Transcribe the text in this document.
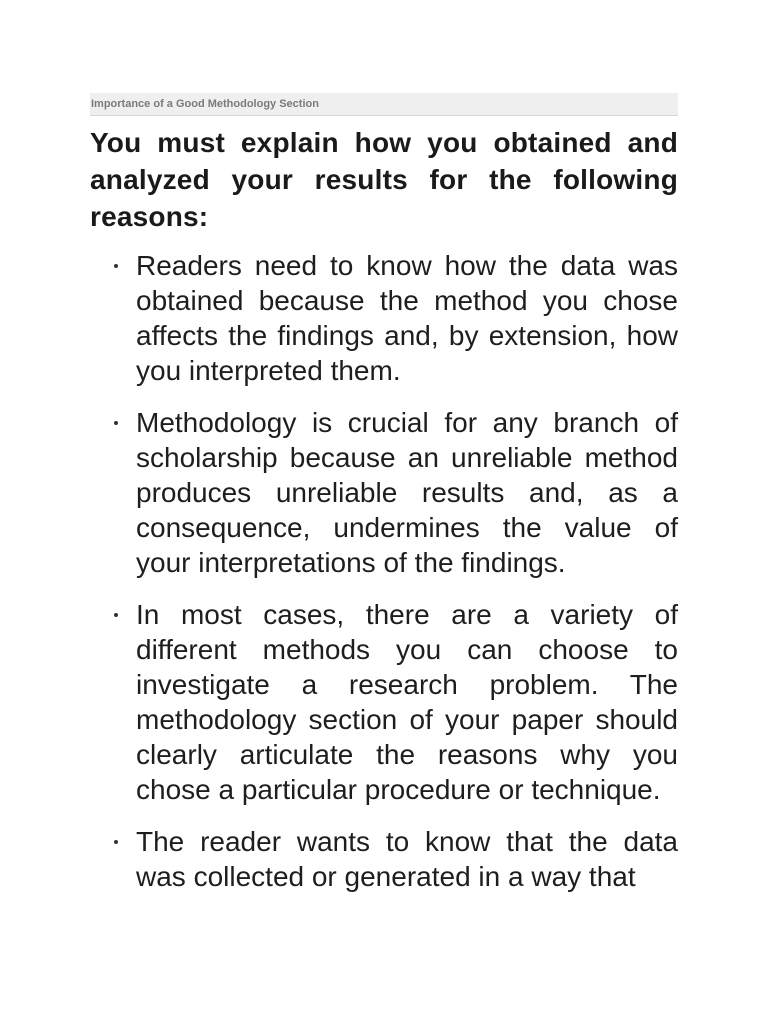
Importance of a Good Methodology Section
You must explain how you obtained and analyzed your results for the following reasons:
Readers need to know how the data was obtained because the method you chose affects the findings and, by extension, how you interpreted them.
Methodology is crucial for any branch of scholarship because an unreliable method produces unreliable results and, as a consequence, undermines the value of your interpretations of the findings.
In most cases, there are a variety of different methods you can choose to investigate a research problem. The methodology section of your paper should clearly articulate the reasons why you chose a particular procedure or technique.
The reader wants to know that the data was collected or generated in a way that
